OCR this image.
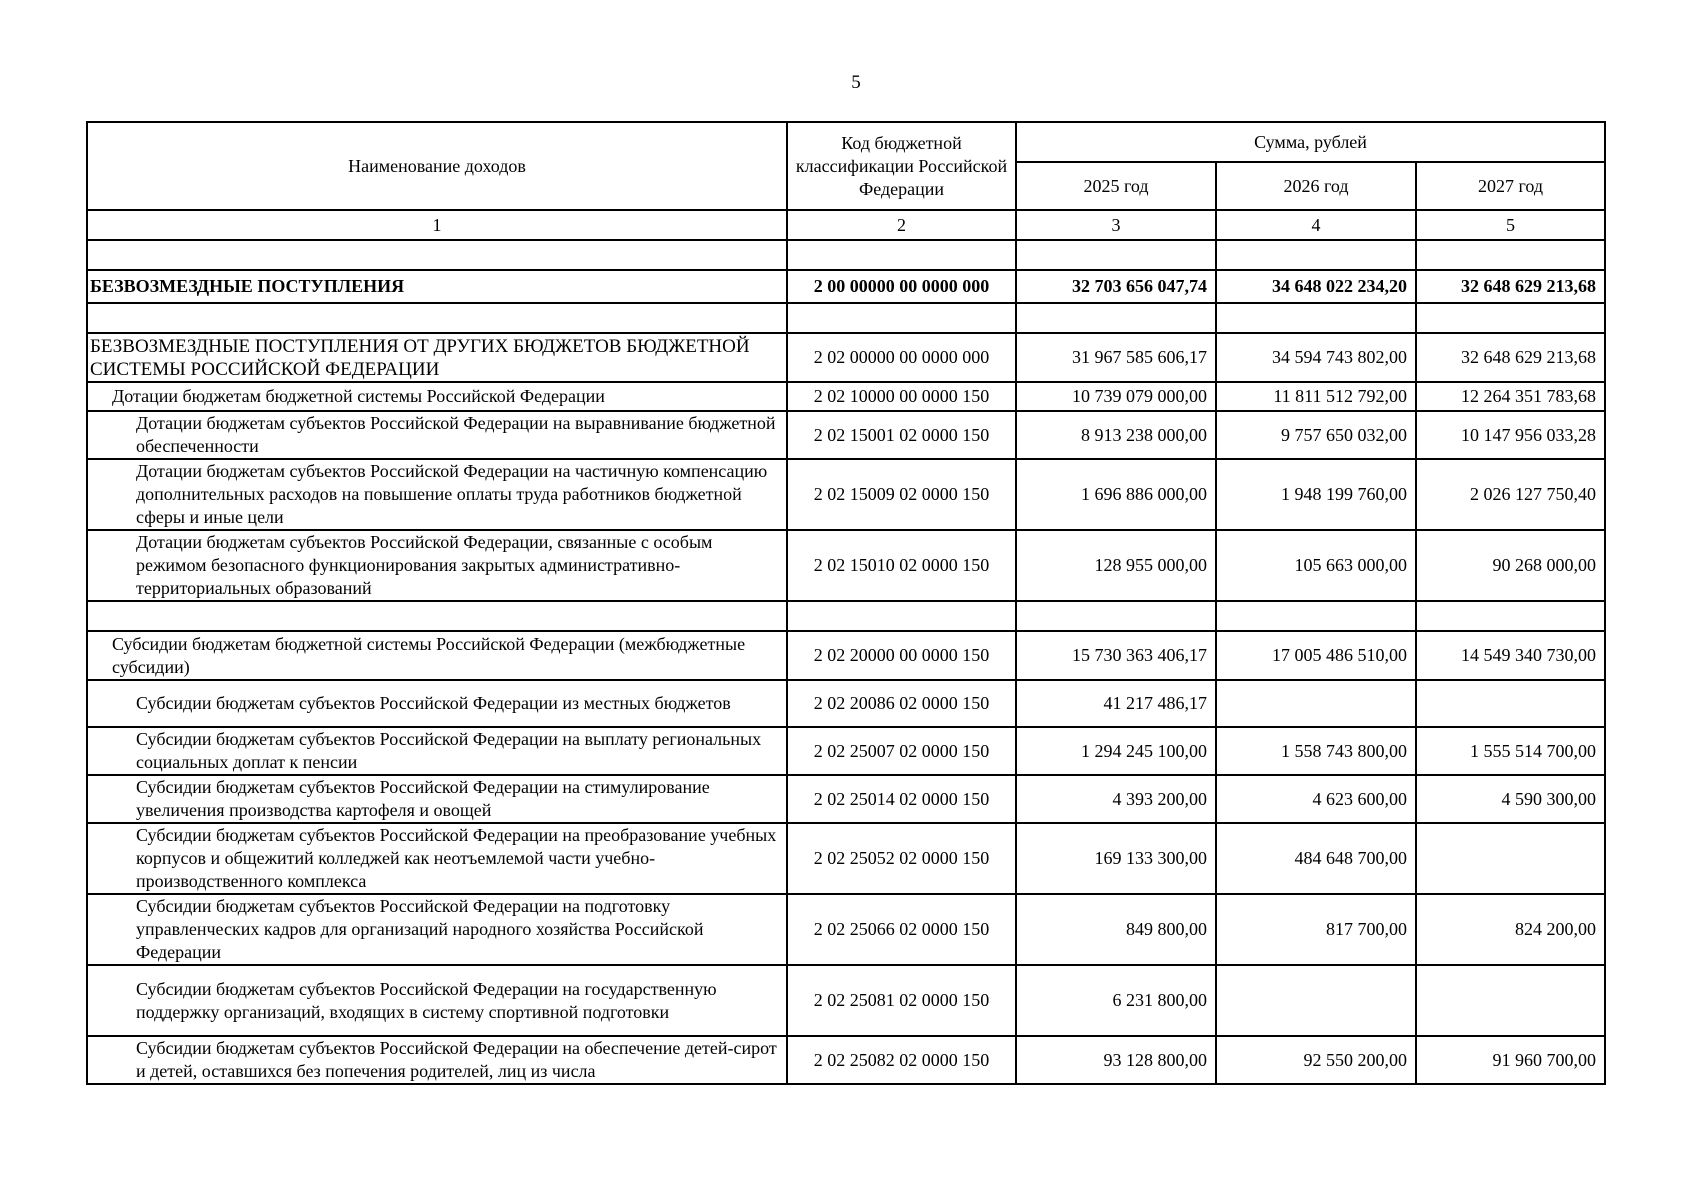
5
Наименование доходов	Код бюджетной классификации Российской Федерации	Сумма, рублей		
		2025 год	2026 год	2027 год
1	2	3	4	5

БЕЗВОЗМЕЗДНЫЕ ПОСТУПЛЕНИЯ	2 00 00000 00 0000 000	32 703 656 047,74	34 648 022 234,20	32 648 629 213,68

БЕЗВОЗМЕЗДНЫЕ ПОСТУПЛЕНИЯ ОТ ДРУГИХ БЮДЖЕТОВ БЮДЖЕТНОЙ СИСТЕМЫ РОССИЙСКОЙ ФЕДЕРАЦИИ	2 02 00000 00 0000 000	31 967 585 606,17	34 594 743 802,00	32 648 629 213,68
Дотации бюджетам бюджетной системы Российской Федерации	2 02 10000 00 0000 150	10 739 079 000,00	11 811 512 792,00	12 264 351 783,68
Дотации бюджетам субъектов Российской Федерации на выравнивание бюджетной обеспеченности	2 02 15001 02 0000 150	8 913 238 000,00	9 757 650 032,00	10 147 956 033,28
Дотации бюджетам субъектов Российской Федерации на частичную компенсацию дополнительных расходов на повышение оплаты труда работников бюджетной сферы и иные цели	2 02 15009 02 0000 150	1 696 886 000,00	1 948 199 760,00	2 026 127 750,40
Дотации бюджетам субъектов Российской Федерации, связанные с особым режимом безопасного функционирования закрытых административно-территориальных образований	2 02 15010 02 0000 150	128 955 000,00	105 663 000,00	90 268 000,00

Субсидии бюджетам бюджетной системы Российской Федерации (межбюджетные субсидии)	2 02 20000 00 0000 150	15 730 363 406,17	17 005 486 510,00	14 549 340 730,00
Субсидии бюджетам субъектов Российской Федерации из местных бюджетов	2 02 20086 02 0000 150	41 217 486,17		
Субсидии бюджетам субъектов Российской Федерации на выплату региональных социальных доплат к пенсии	2 02 25007 02 0000 150	1 294 245 100,00	1 558 743 800,00	1 555 514 700,00
Субсидии бюджетам субъектов Российской Федерации на стимулирование увеличения производства картофеля и овощей	2 02 25014 02 0000 150	4 393 200,00	4 623 600,00	4 590 300,00
Субсидии бюджетам субъектов Российской Федерации на преобразование учебных корпусов и общежитий колледжей как неотъемлемой части учебно-производственного комплекса	2 02 25052 02 0000 150	169 133 300,00	484 648 700,00	
Субсидии бюджетам субъектов Российской Федерации на подготовку управленческих кадров для организаций народного хозяйства Российской Федерации	2 02 25066 02 0000 150	849 800,00	817 700,00	824 200,00
Субсидии бюджетам субъектов Российской Федерации на государственную поддержку организаций, входящих в систему спортивной подготовки	2 02 25081 02 0000 150	6 231 800,00		
Субсидии бюджетам субъектов Российской Федерации на обеспечение детей-сирот и детей, оставшихся без попечения родителей, лиц из числа	2 02 25082 02 0000 150	93 128 800,00	92 550 200,00	91 960 700,00
